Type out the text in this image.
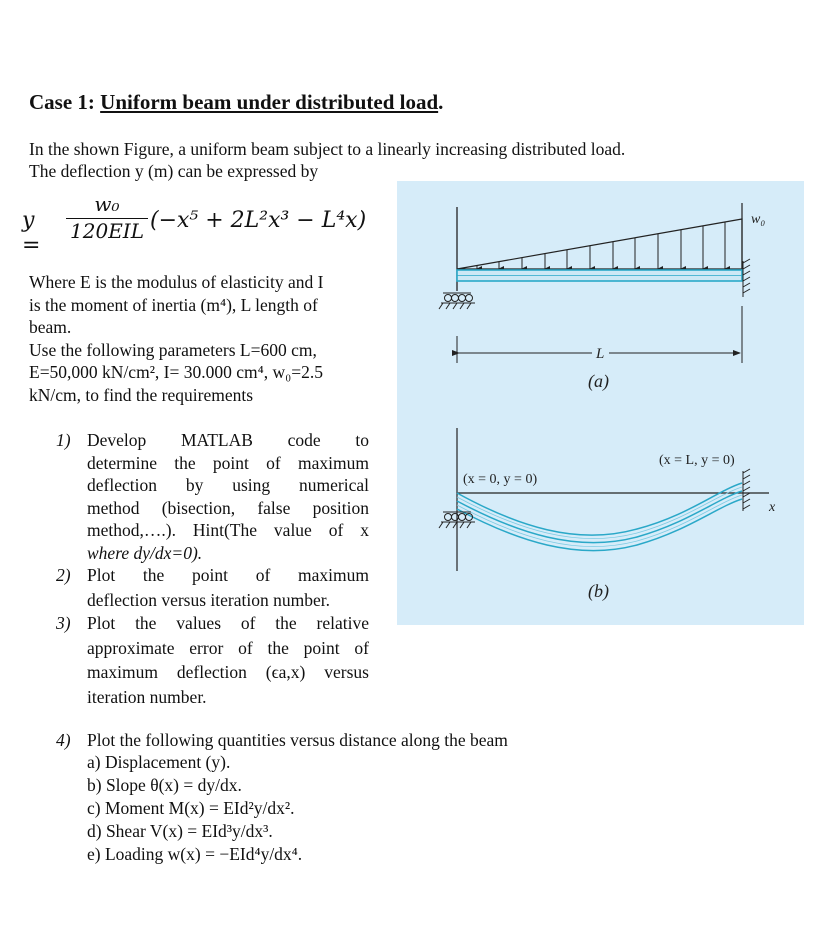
Case 1: Uniform beam under distributed load.
In the shown Figure, a uniform beam subject to a linearly increasing distributed load.
The deflection y (m) can be expressed by
y =
w₀
120EIL (−x⁵ + 2L²x³ − L⁴x)
Where E is the modulus of elasticity and I
is the moment of inertia (m⁴), L length of
beam.
Use the following parameters L=600 cm,
E=50,000 kN/cm², I= 30.000 cm⁴, w₀=2.5
kN/cm, to find the requirements
w₀
L
(a)
(x = 0, y = 0)
(x = L, y = 0)
x
(b)
1) Develop MATLAB code to
determine the point of maximum
deflection by using numerical
method (bisection, false position
method,….). Hint(The value of x
where dy/dx=0).
2) Plot the point of maximum
deflection versus iteration number.
3) Plot the values of the relative
approximate error of the point of
maximum deflection (ϵa,x) versus
iteration number.
4) Plot the following quantities versus distance along the beam
a) Displacement (y).
b) Slope θ(x) = dy/dx.
c) Moment M(x) = EId²y/dx².
d) Shear V(x) = EId³y/dx³.
e) Loading w(x) = −EId⁴y/dx⁴.
